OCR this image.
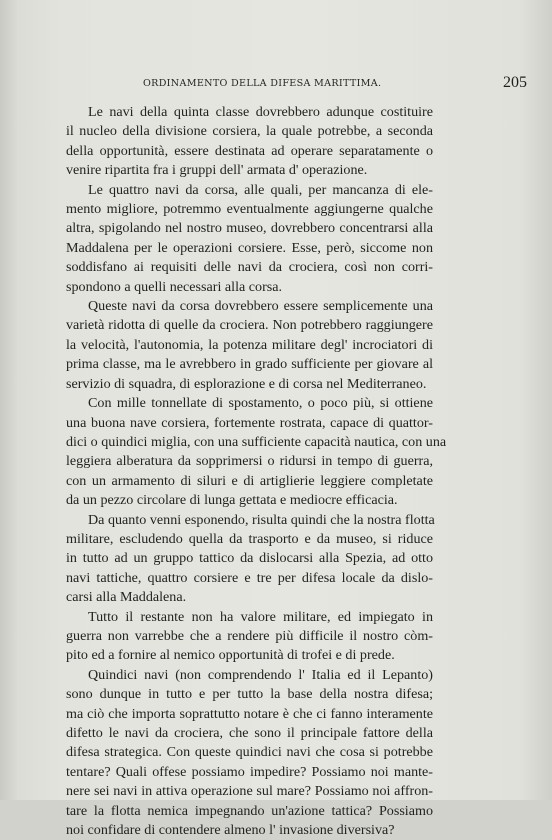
ORDINAMENTO DELLA DIFESA MARITTIMA.	205
Le navi della quinta classe dovrebbero adunque costituire
il nucleo della divisione corsiera, la quale potrebbe, a seconda
della opportunità, essere destinata ad operare separatamente o
venire ripartita fra i gruppi dell' armata d' operazione.
Le quattro navi da corsa, alle quali, per mancanza di ele-
mento migliore, potremmo eventualmente aggiungerne qualche
altra, spigolando nel nostro museo, dovrebbero concentrarsi alla
Maddalena per le operazioni corsiere. Esse, però, siccome non
soddisfano ai requisiti delle navi da crociera, così non corri-
spondono a quelli necessari alla corsa.
Queste navi da corsa dovrebbero essere semplicemente una
varietà ridotta di quelle da crociera. Non potrebbero raggiungere
la velocità, l'autonomia, la potenza militare degl' incrociatori di
prima classe, ma le avrebbero in grado sufficiente per giovare al
servizio di squadra, di esplorazione e di corsa nel Mediterraneo.
Con mille tonnellate di spostamento, o poco più, si ottiene
una buona nave corsiera, fortemente rostrata, capace di quattor-
dici o quindici miglia, con una sufficiente capacità nautica, con una
leggiera alberatura da sopprimersi o ridursi in tempo di guerra,
con un armamento di siluri e di artiglierie leggiere completate
da un pezzo circolare di lunga gettata e mediocre efficacia.
Da quanto venni esponendo, risulta quindi che la nostra flotta
militare, escludendo quella da trasporto e da museo, si riduce
in tutto ad un gruppo tattico da dislocarsi alla Spezia, ad otto
navi tattiche, quattro corsiere e tre per difesa locale da dislo-
carsi alla Maddalena.
Tutto il restante non ha valore militare, ed impiegato in
guerra non varrebbe che a rendere più difficile il nostro còm-
pito ed a fornire al nemico opportunità di trofei e di prede.
Quindici navi (non comprendendo l' Italia ed il Lepanto)
sono dunque in tutto e per tutto la base della nostra difesa;
ma ciò che importa soprattutto notare è che ci fanno interamente
difetto le navi da crociera, che sono il principale fattore della
difesa strategica. Con queste quindici navi che cosa si potrebbe
tentare? Quali offese possiamo impedire? Possiamo noi mante-
nere sei navi in attiva operazione sul mare? Possiamo noi affron-
tare la flotta nemica impegnando un'azione tattica? Possiamo
noi confidare di contendere almeno l' invasione diversiva?
